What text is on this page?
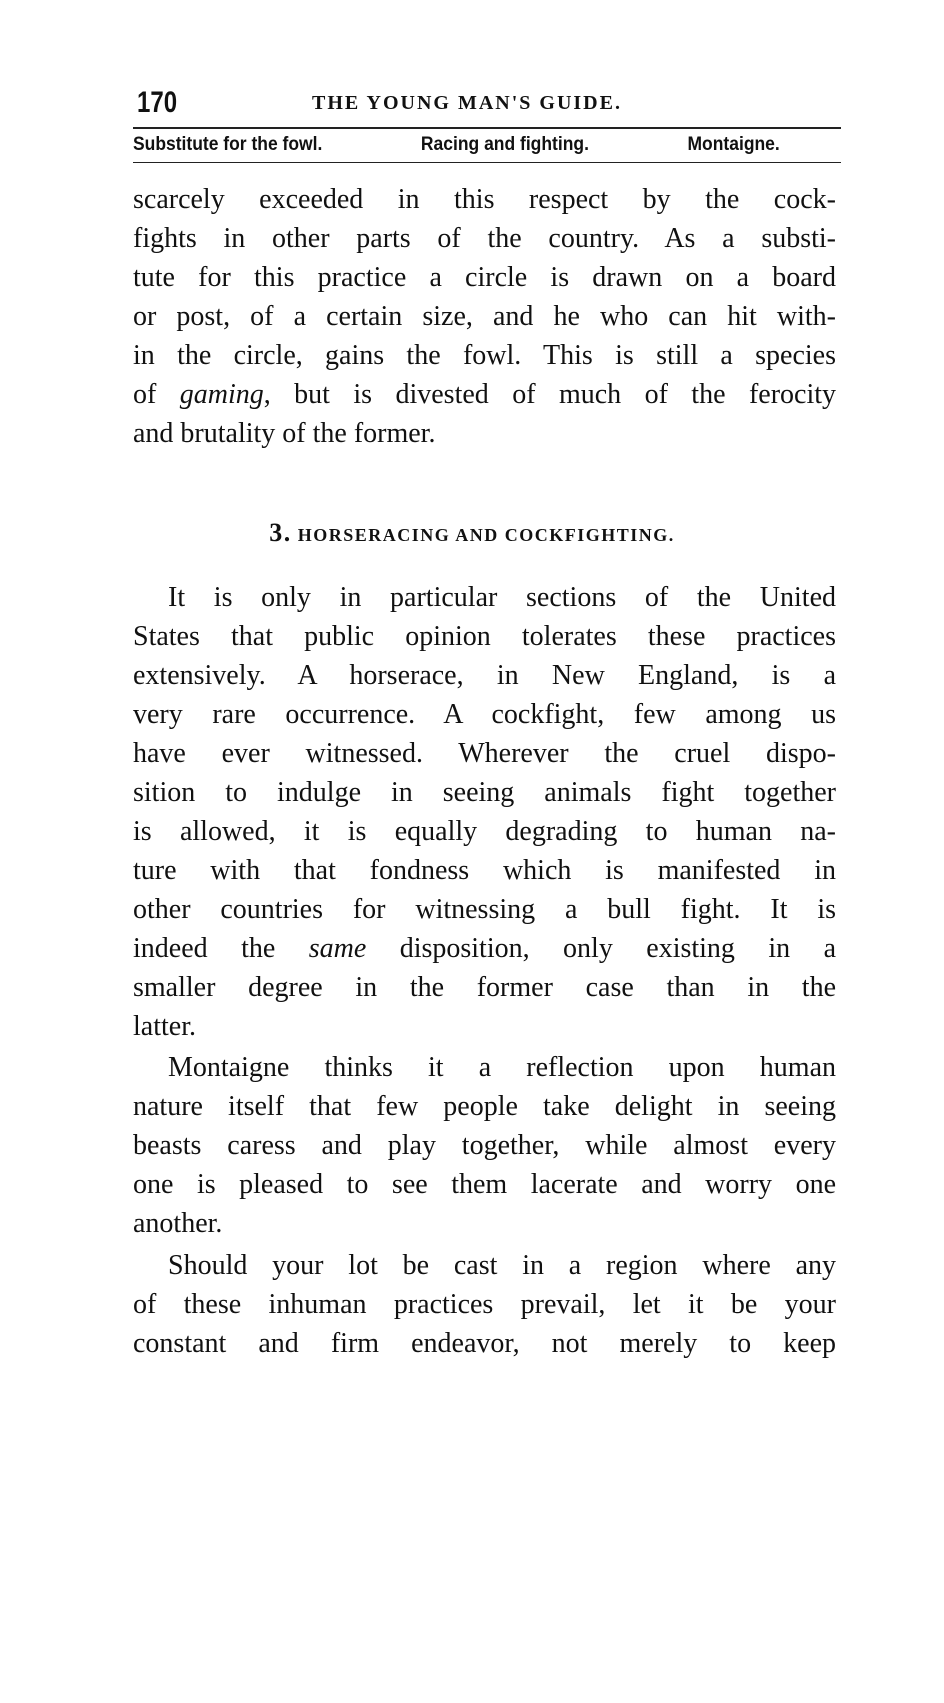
170	THE YOUNG MAN'S GUIDE.
Substitute for the fowl.	Racing and fighting.	Montaigne.
scarcely exceeded in this respect by the cock-
fights in other parts of the country. As a substi-
tute for this practice a circle is drawn on a board
or post, of a certain size, and he who can hit with-
in the circle, gains the fowl. This is still a species
of gaming, but is divested of much of the ferocity
and brutality of the former.
3. HORSERACING AND COCKFIGHTING.
It is only in particular sections of the United
States that public opinion tolerates these practices
extensively. A horserace, in New England, is a
very rare occurrence. A cockfight, few among us
have ever witnessed. Wherever the cruel dispo-
sition to indulge in seeing animals fight together
is allowed, it is equally degrading to human na-
ture with that fondness which is manifested in
other countries for witnessing a bull fight. It is
indeed the same disposition, only existing in a
smaller degree in the former case than in the
latter.
Montaigne thinks it a reflection upon human
nature itself that few people take delight in seeing
beasts caress and play together, while almost every
one is pleased to see them lacerate and worry one
another.
Should your lot be cast in a region where any
of these inhuman practices prevail, let it be your
constant and firm endeavor, not merely to keep
